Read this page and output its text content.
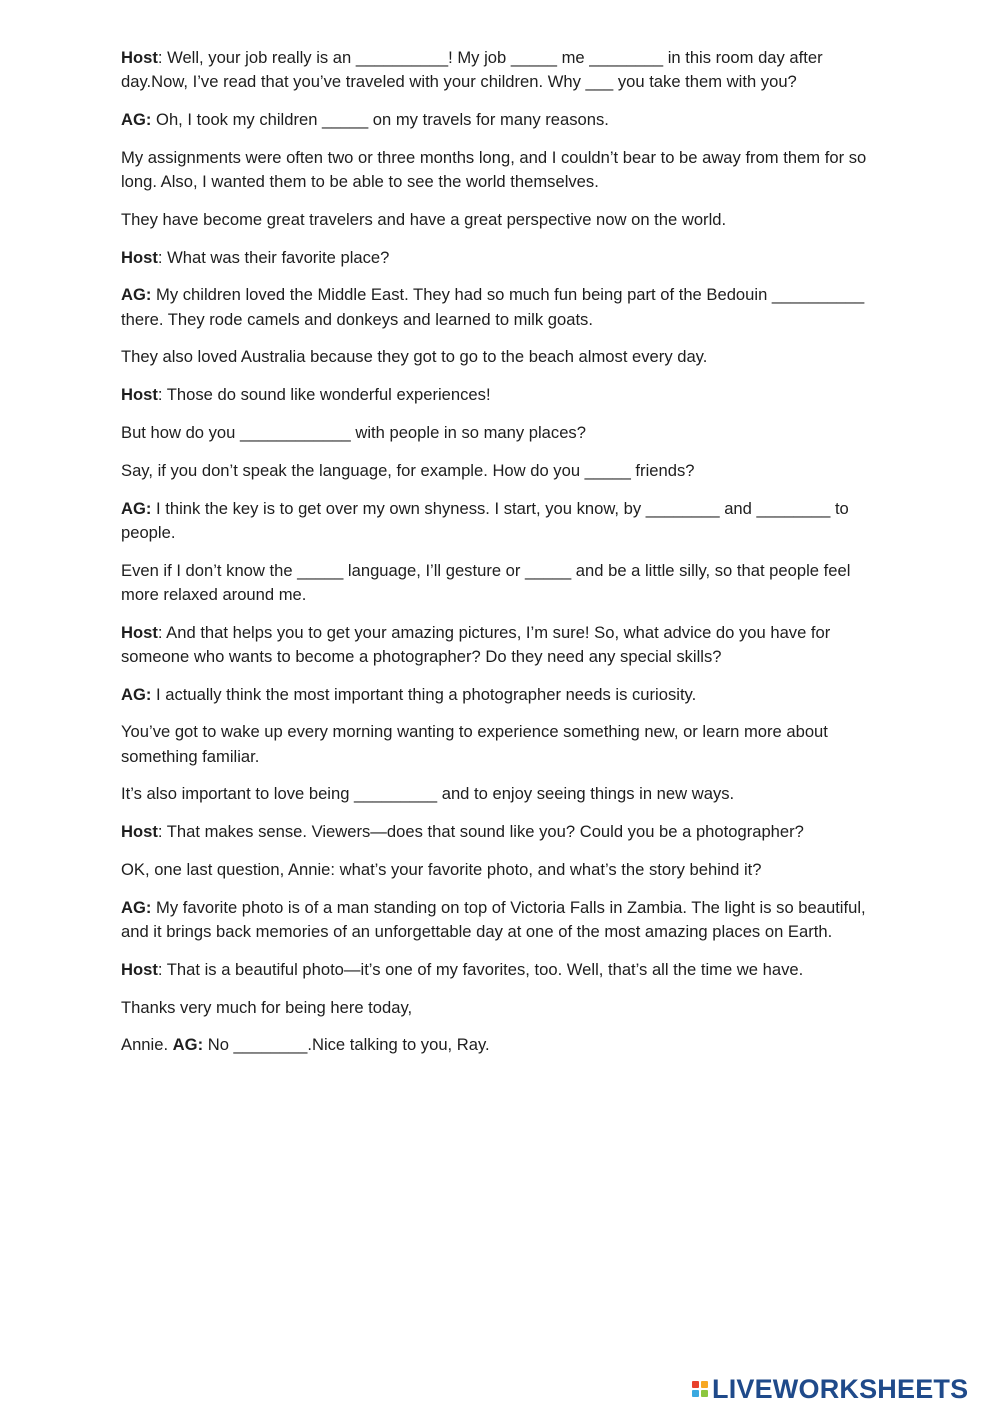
Host: Well, your job really is an __________! My job _____ me ________ in this room day after day.Now, I’ve read that you’ve traveled with your children. Why ___ you take them with you?

AG: Oh, I took my children _____ on my travels for many reasons.

My assignments were often two or three months long, and I couldn’t bear to be away from them for so long. Also, I wanted them to be able to see the world themselves.

They have become great travelers and have a great perspective now on the world.

Host: What was their favorite place?

AG: My children loved the Middle East. They had so much fun being part of the Bedouin __________ there. They rode camels and donkeys and learned to milk goats.

They also loved Australia because they got to go to the beach almost every day.

Host: Those do sound like wonderful experiences!

But how do you ____________ with people in so many places?

Say, if you don’t speak the language, for example. How do you _____ friends?

AG: I think the key is to get over my own shyness. I start, you know, by ________ and ________ to people.

Even if I don’t know the _____ language, I’ll gesture or _____ and be a little silly, so that people feel more relaxed around me.

Host: And that helps you to get your amazing pictures, I’m sure! So, what advice do you have for someone who wants to become a photographer? Do they need any special skills?

AG: I actually think the most important thing a photographer needs is curiosity.

You’ve got to wake up every morning wanting to experience something new, or learn more about something familiar.

It’s also important to love being _________ and to enjoy seeing things in new ways.

Host: That makes sense. Viewers—does that sound like you? Could you be a photographer?

OK, one last question, Annie: what’s your favorite photo, and what’s the story behind it?

AG: My favorite photo is of a man standing on top of Victoria Falls in Zambia. The light is so beautiful, and it brings back memories of an unforgettable day at one of the most amazing places on Earth.

Host: That is a beautiful photo—it’s one of my favorites, too. Well, that’s all the time we have.

Thanks very much for being here today,

Annie. AG: No ________.Nice talking to you, Ray.

LIVEWORKSHEETS
